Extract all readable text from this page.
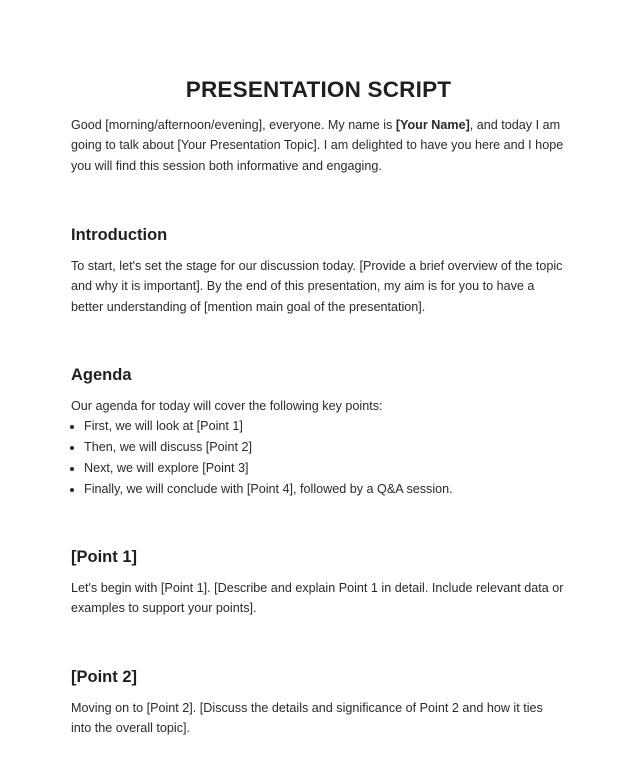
PRESENTATION SCRIPT

Good [morning/afternoon/evening], everyone. My name is [Your Name], and today I am going to talk about [Your Presentation Topic]. I am delighted to have you here and I hope you will find this session both informative and engaging.

Introduction

To start, let's set the stage for our discussion today. [Provide a brief overview of the topic and why it is important]. By the end of this presentation, my aim is for you to have a better understanding of [mention main goal of the presentation].

Agenda

Our agenda for today will cover the following key points:

• First, we will look at [Point 1]
• Then, we will discuss [Point 2]
• Next, we will explore [Point 3]
• Finally, we will conclude with [Point 4], followed by a Q&A session.
[Point 1]

Let's begin with [Point 1]. [Describe and explain Point 1 in detail. Include relevant data or examples to support your points].

[Point 2]

Moving on to [Point 2]. [Discuss the details and significance of Point 2 and how it ties into the overall topic].
